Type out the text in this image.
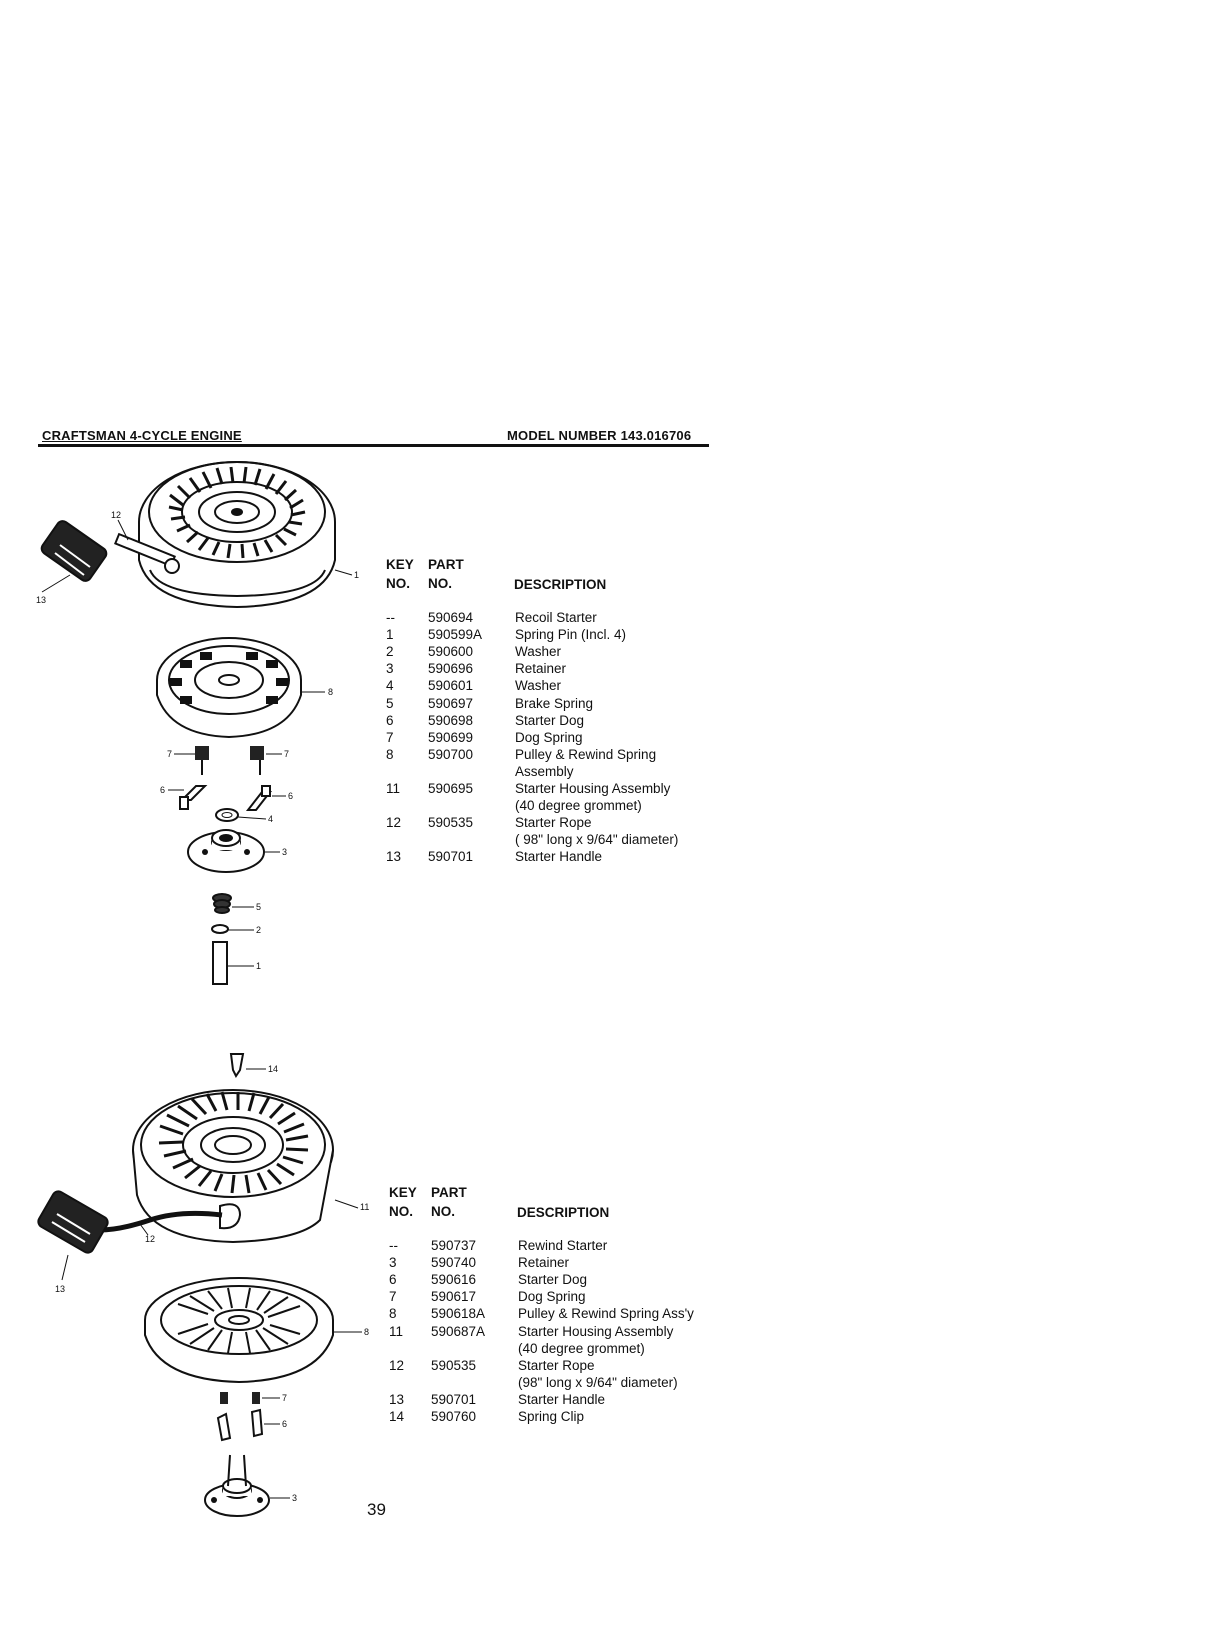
CRAFTSMAN 4-CYCLE ENGINE	MODEL NUMBER 143.016706
12
13
1
8
7	7
6
6
4
3
5
2
1
14
11
12
13
8
7
6
3
KEY
NO.
PART
NO.	DESCRIPTION
-- 590694	Recoil Starter
1	590599A Spring Pin (Incl. 4)
2	590600	Washer
3	590696	Retainer
4	590601	Washer
5	590697	Brake Spring
6	590698	Starter Dog
7	590699	Dog Spring
8	590700	Pulley & Rewind Spring
Assembly
11 590695	Starter Housing Assembly
(40 degree grommet)
12 590535	Starter Rope
( 98" long x 9/64" diameter)
13 590701	Starter Handle
KEY
NO.
PART
NO.	DESCRIPTION
-- 590737	Rewind Starter
3	590740	Retainer
6	590616	Starter Dog
7	590617	Dog Spring
8	590618A Pulley & Rewind Spring Ass'y
11 590687A Starter Housing Assembly
(40 degree grommet)
12 590535	Starter Rope
(98" long x 9/64" diameter)
13 590701	Starter Handle
14 590760	Spring Clip
39
